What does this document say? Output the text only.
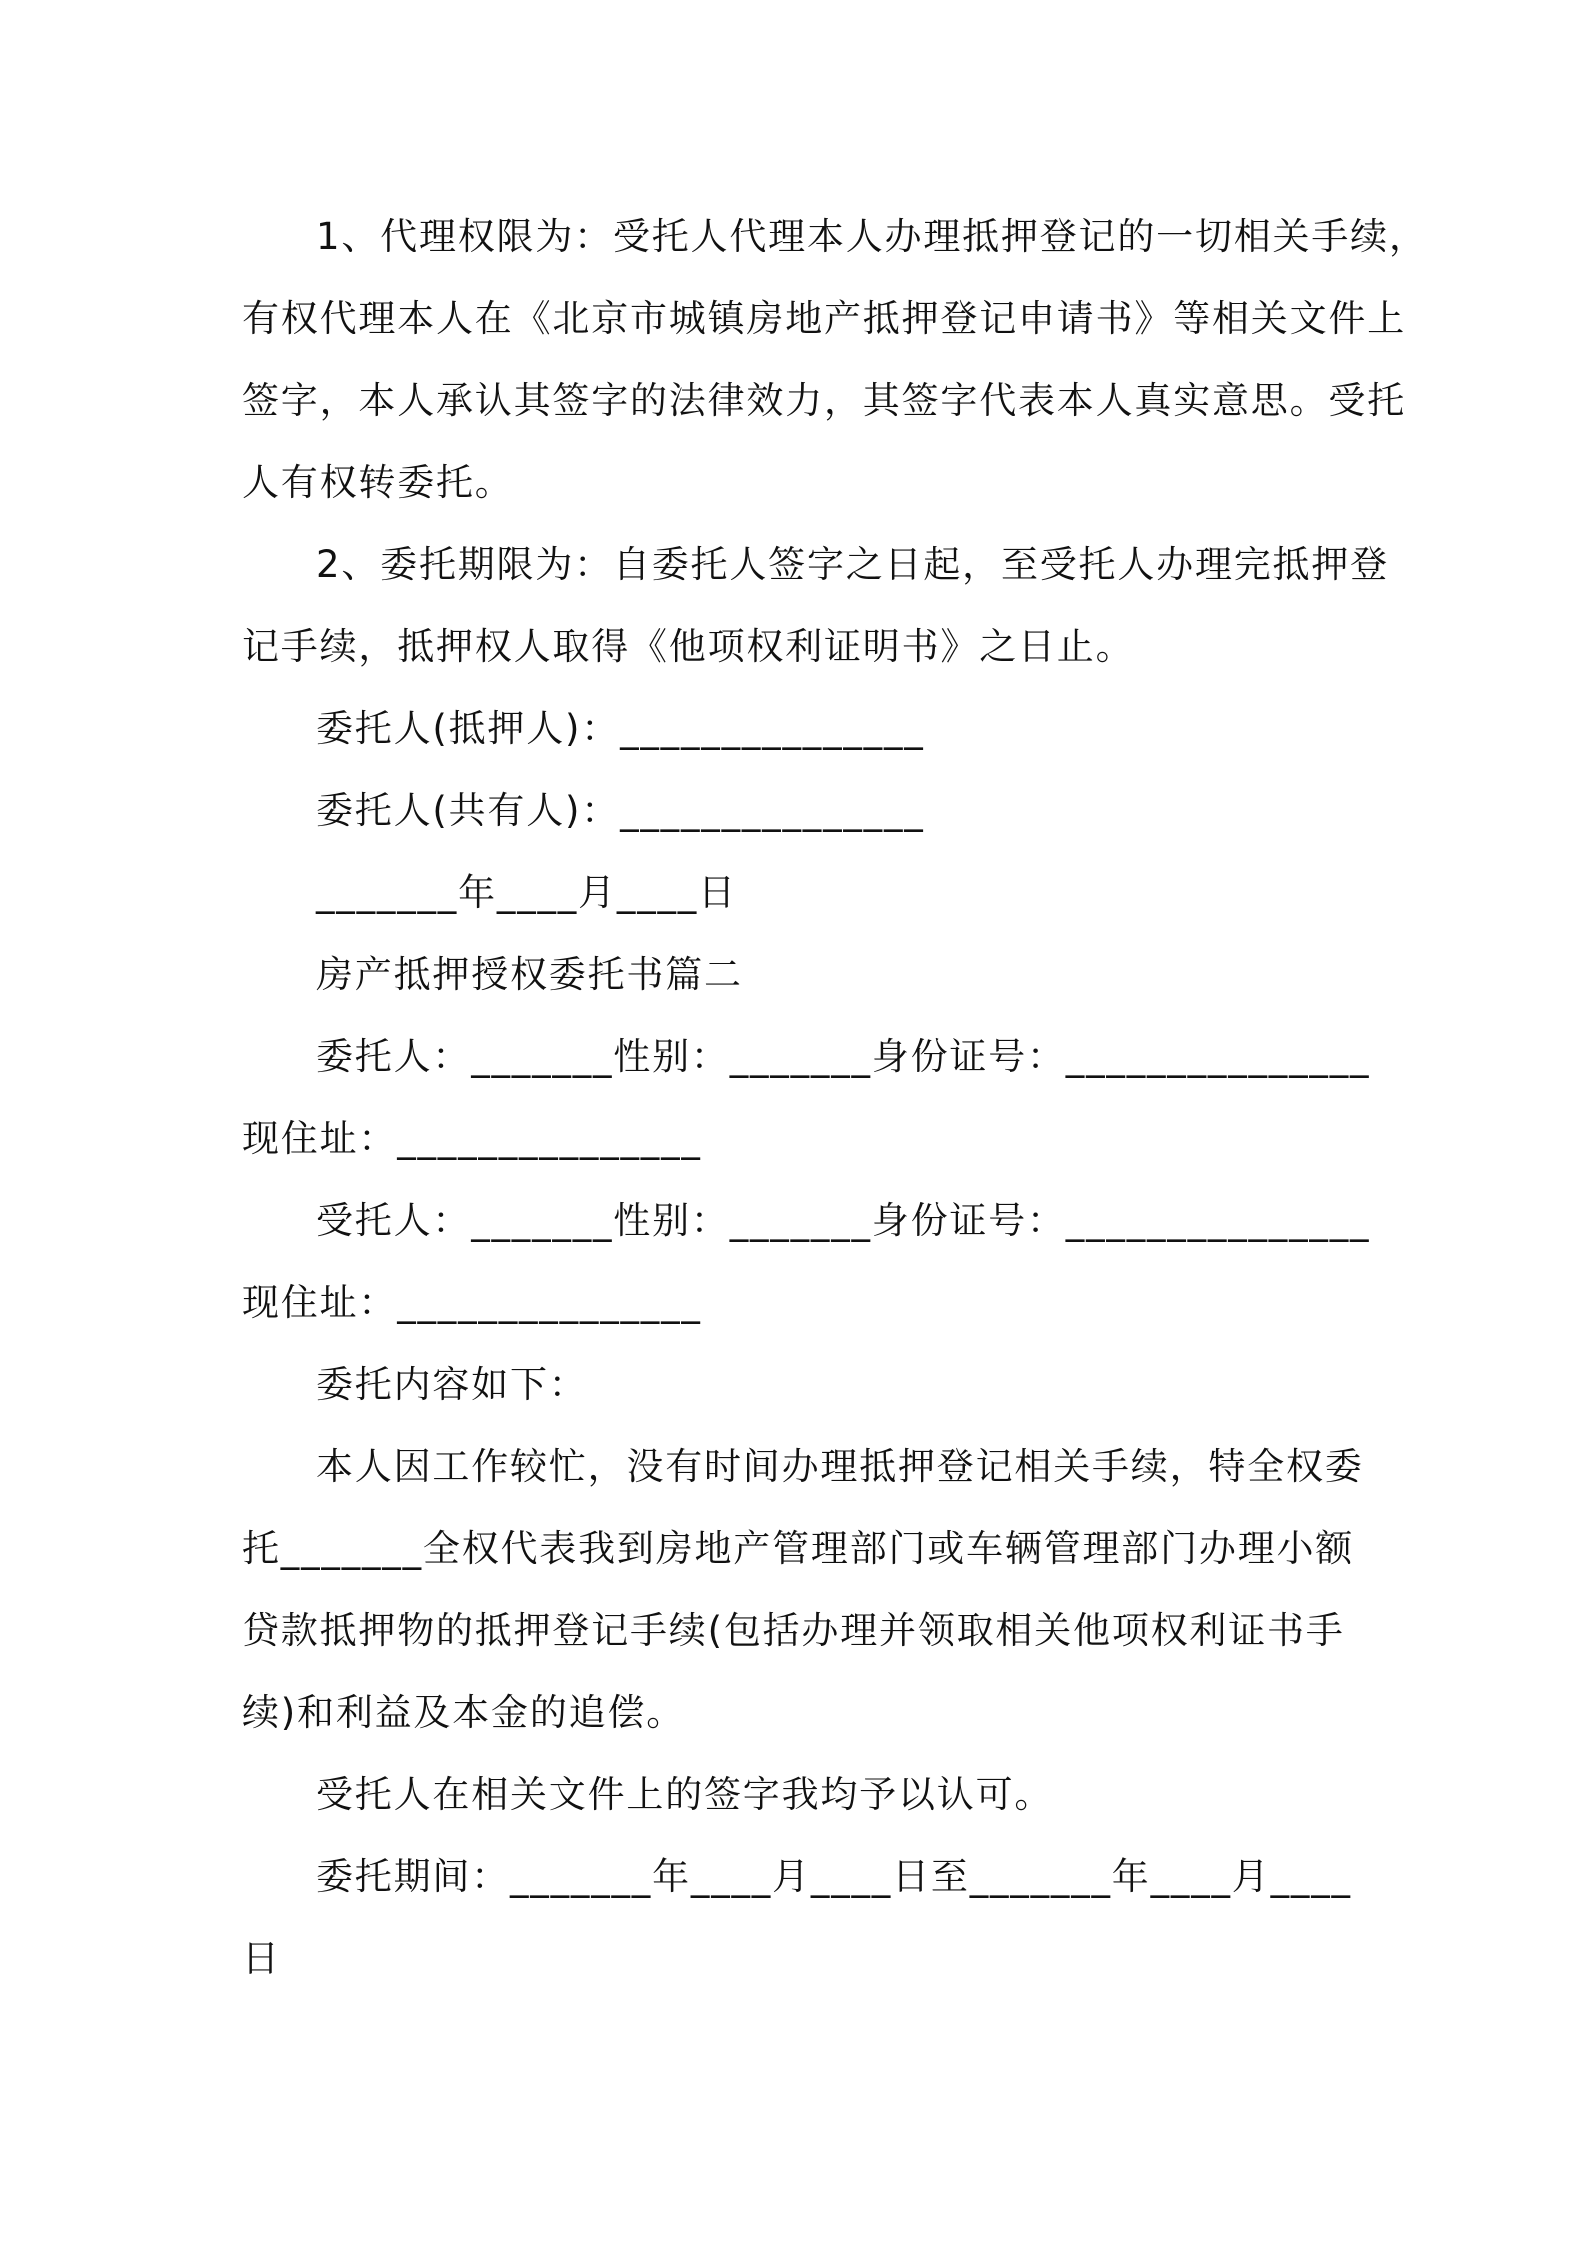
1、代理权限为：受托人代理本人办理抵押登记的一切相关手续，
有权代理本人在《北京市城镇房地产抵押登记申请书》等相关文件上
签字，本人承认其签字的法律效力，其签字代表本人真实意思。受托
人有权转委托。
2、委托期限为：自委托人签字之日起，至受托人办理完抵押登
记手续，抵押权人取得《他项权利证明书》之日止。
委托人(抵押人)：_______________
委托人(共有人)：_______________
_______年____月____日
房产抵押授权委托书篇二
委托人：_______性别：_______身份证号：_______________
现住址：_______________
受托人：_______性别：_______身份证号：_______________
现住址：_______________
委托内容如下：
本人因工作较忙，没有时间办理抵押登记相关手续，特全权委
托_______全权代表我到房地产管理部门或车辆管理部门办理小额
贷款抵押物的抵押登记手续(包括办理并领取相关他项权利证书手
续)和利益及本金的追偿。
受托人在相关文件上的签字我均予以认可。
委托期间：_______年____月____日至_______年____月____
日
